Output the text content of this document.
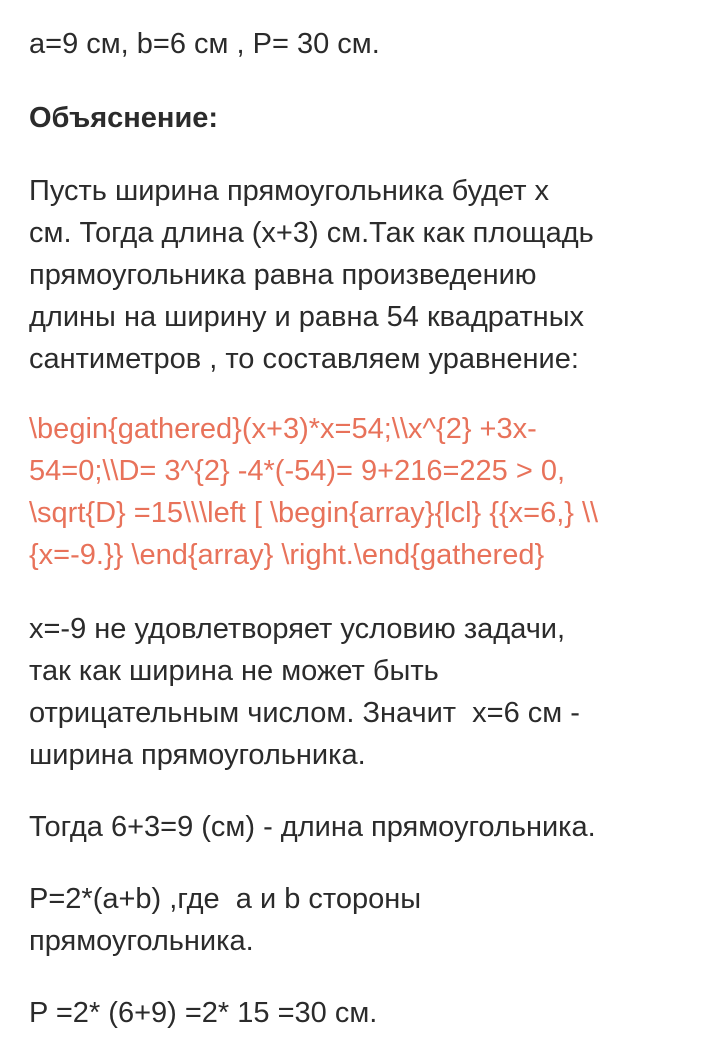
a=9 см, b=6 см , P= 30 см.
Объяснение:
Пусть ширина прямоугольника будет x
см. Тогда длина (x+3) см.Так как площадь
прямоугольника равна произведению
длины на ширину и равна 54 квадратных
сантиметров , то составляем уравнение:
\begin{gathered}(x+3)*x=54;\\x^{2} +3x-
54=0;\\D= 3^{2} -4*(-54)= 9+216=225 > 0,
\sqrt{D} =15\\\left [ \begin{array}{lcl} {{x=6,} \\
{x=-9.}} \end{array} \right.\end{gathered}
x=-9 не удовлетворяет условию задачи,
так как ширина не может быть
отрицательным числом. Значит  x=6 см -
ширина прямоугольника.
Тогда 6+3=9 (см) - длина прямоугольника.
P=2*(a+b) ,где  a и b стороны
прямоугольника.
P =2* (6+9) =2* 15 =30 см.
